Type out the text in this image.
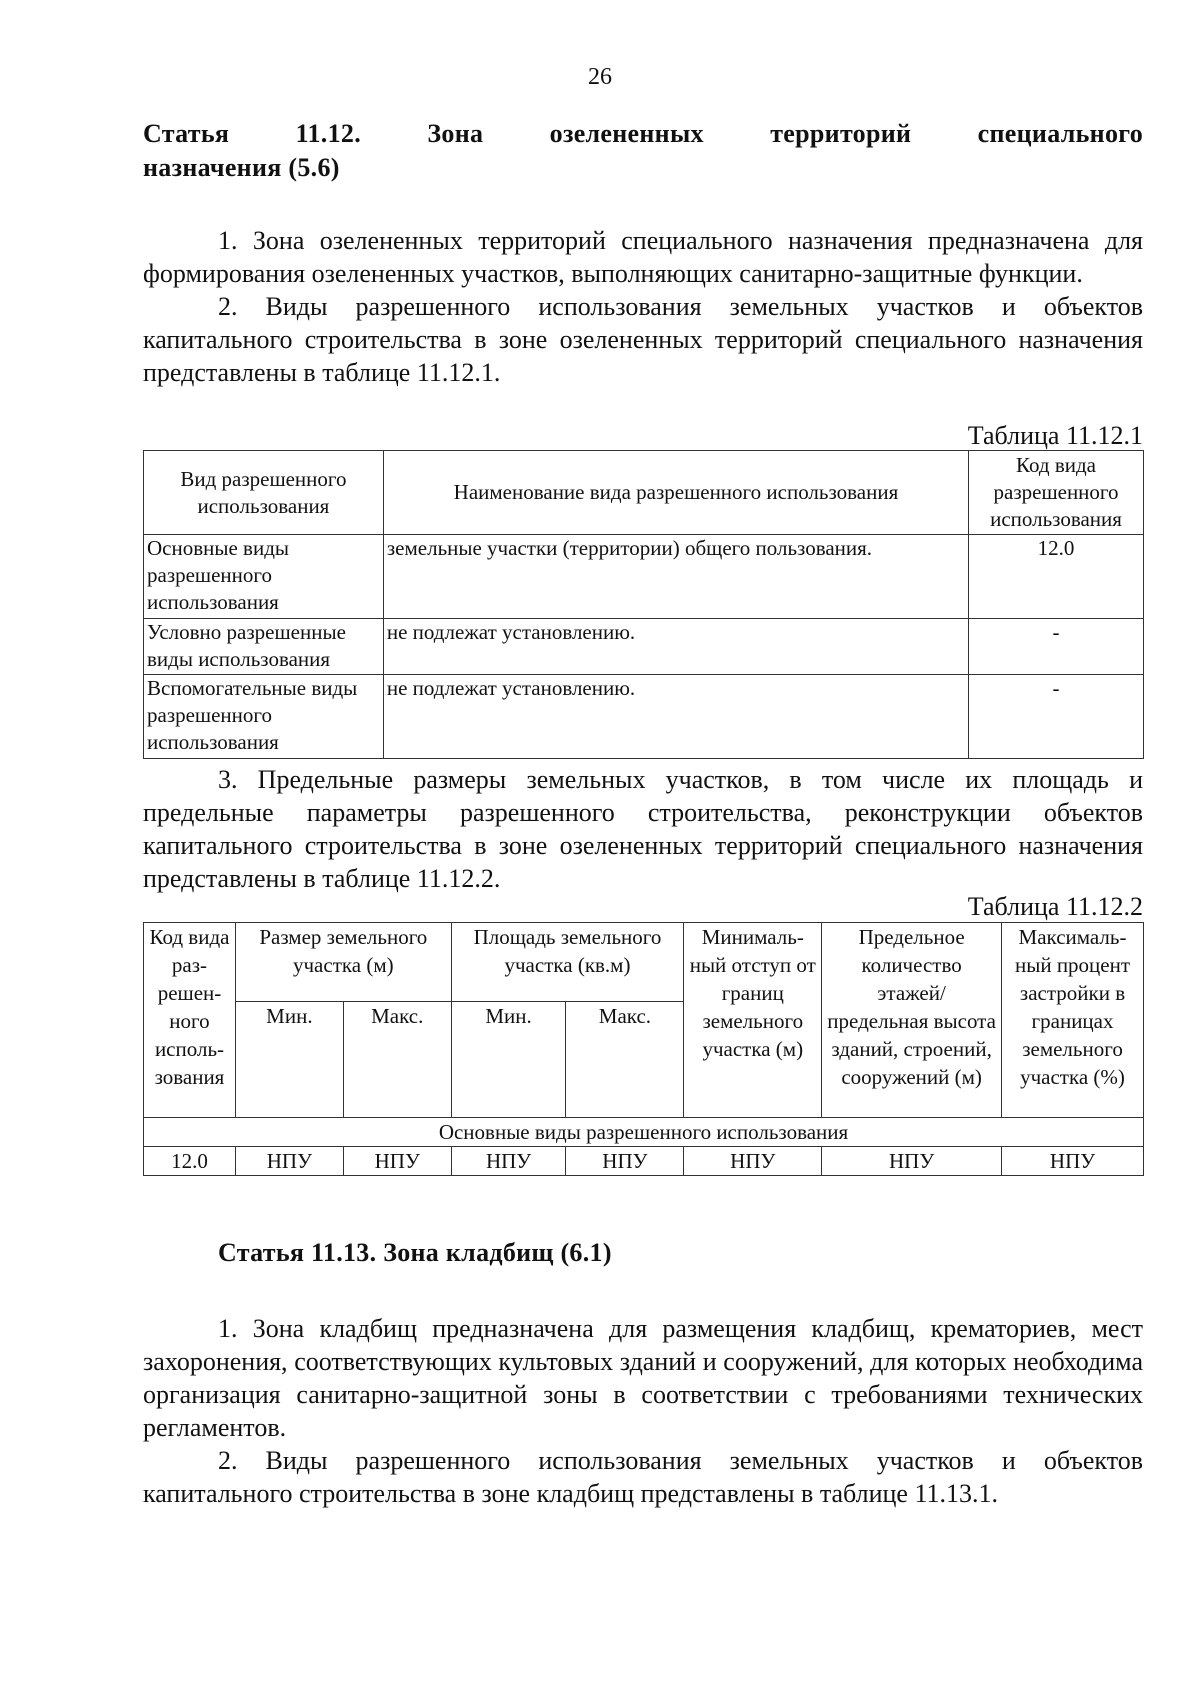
26
Статья	11.12.	Зона	озелененных	территорий	специального
назначения (5.6)

1. Зона озелененных территорий специального назначения предназначена для формирования озелененных участков, выполняющих санитарно-защитные функции.

2. Виды разрешенного использования земельных участков и объектов капитального строительства в зоне озелененных территорий специального назначения представлены в таблице 11.12.1.

Таблица 11.12.1
Вид разрешенного использования	Наименование вида разрешенного использования	Код вида разрешенного использования
Основные виды разрешенного использования	земельные участки (территории) общего пользования.	12.0
Условно разрешенные виды использования	не подлежат установлению.	-
Вспомогательные виды разрешенного использования	не подлежат установлению.	-

3. Предельные размеры земельных участков, в том числе их площадь и предельные параметры разрешенного строительства, реконструкции объектов капитального строительства в зоне озелененных территорий специального назначения представлены в таблице 11.12.2.

Таблица 11.12.2
Код вида раз-решен-ного исполь-зования	Размер земельного участка (м)		Площадь земельного участка (кв.м)		Минималь-ный отступ от границ земельного участка (м)	Предельное количество этажей/ предельная высота зданий, строений, сооружений (м)	Максималь-ный процент застройки в границах земельного участка (%)
	Мин.	Макс.	Мин.	Макс.			
Основные виды разрешенного использования							
12.0	НПУ	НПУ	НПУ	НПУ	НПУ	НПУ	НПУ
Статья 11.13. Зона кладбищ (6.1)

1. Зона кладбищ предназначена для размещения кладбищ, крематориев, мест захоронения, соответствующих культовых зданий и сооружений, для которых необходима организация санитарно-защитной зоны в соответствии с требованиями технических регламентов.

2. Виды разрешенного использования земельных участков и объектов капитального строительства в зоне кладбищ представлены в таблице 11.13.1.
